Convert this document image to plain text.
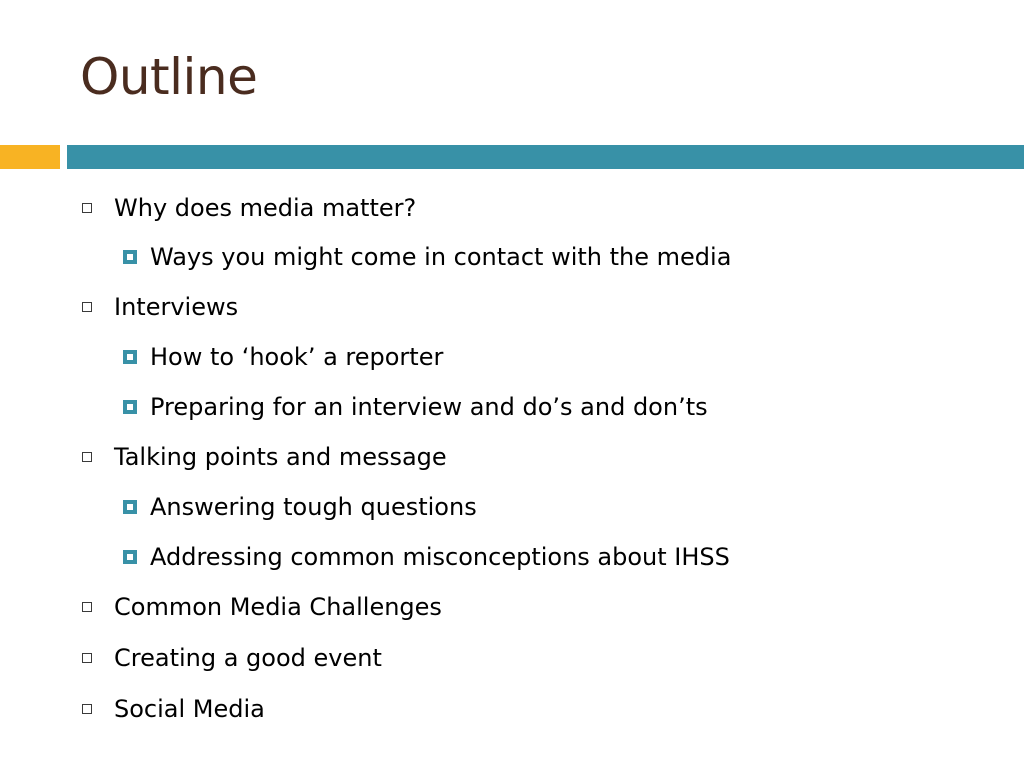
Outline
Why does media matter?
Ways you might come in contact with the media
Interviews
How to ‘hook’ a reporter
Preparing for an interview and do’s and don’ts
Talking points and message
Answering tough questions
Addressing common misconceptions about IHSS
Common Media Challenges
Creating a good event
Social Media
